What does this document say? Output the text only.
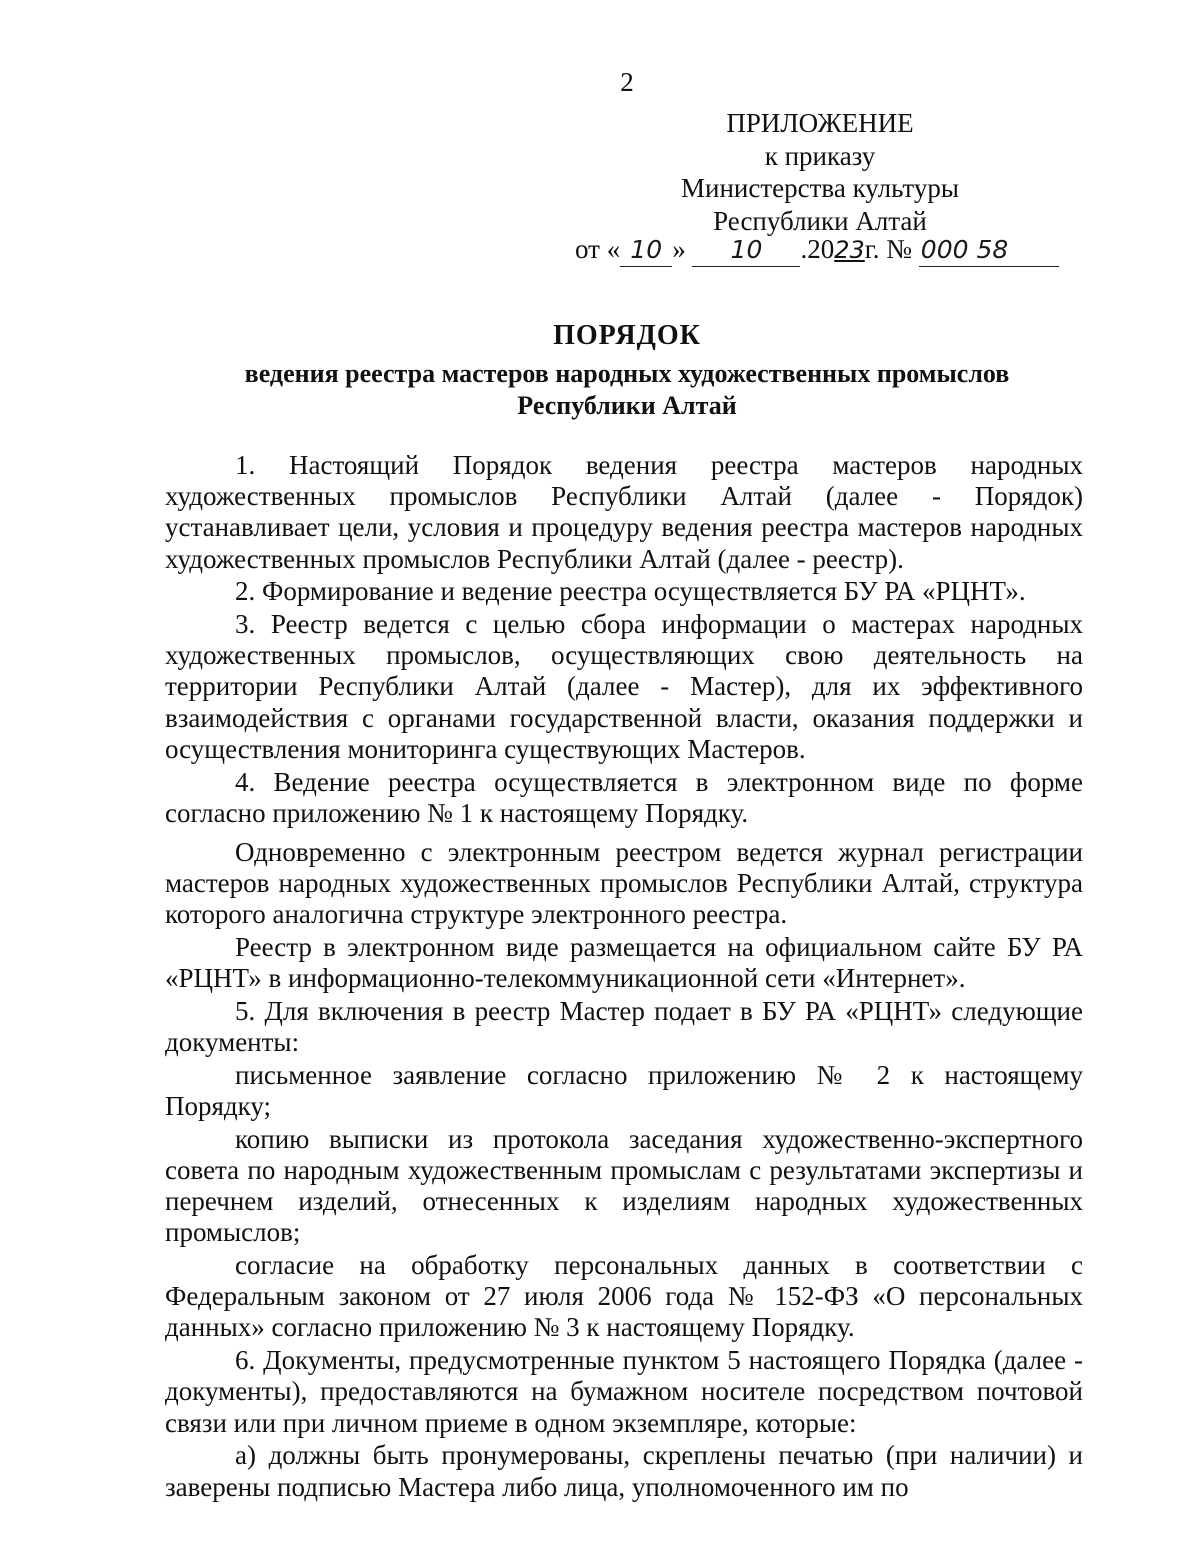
2
ПРИЛОЖЕНИЕ
к приказу
Министерства культуры
Республики Алтай
от « 10 » 10 .2023г. № 000 58
ПОРЯДОК
ведения реестра мастеров народных художественных промыслов
Республики Алтай

1. Настоящий Порядок ведения реестра мастеров народных художественных промыслов Республики Алтай (далее - Порядок) устанавливает цели, условия и процедуру ведения реестра мастеров народных художественных промыслов Республики Алтай (далее - реестр).

2. Формирование и ведение реестра осуществляется БУ РА «РЦНТ».

3. Реестр ведется с целью сбора информации о мастерах народных художественных промыслов, осуществляющих свою деятельность на территории Республики Алтай (далее - Мастер), для их эффективного взаимодействия с органами государственной власти, оказания поддержки и осуществления мониторинга существующих Мастеров.

4. Ведение реестра осуществляется в электронном виде по форме согласно приложению № 1 к настоящему Порядку.

Одновременно с электронным реестром ведется журнал регистрации мастеров народных художественных промыслов Республики Алтай, структура которого аналогична структуре электронного реестра.

Реестр в электронном виде размещается на официальном сайте БУ РА «РЦНТ» в информационно-телекоммуникационной сети «Интернет».

5. Для включения в реестр Мастер подает в БУ РА «РЦНТ» следующие документы:

письменное заявление согласно приложению № 2 к настоящему Порядку;

копию выписки из протокола заседания художественно-экспертного совета по народным художественным промыслам с результатами экспертизы и перечнем изделий, отнесенных к изделиям народных художественных промыслов;

согласие на обработку персональных данных в соответствии с Федеральным законом от 27 июля 2006 года № 152-ФЗ «О персональных данных» согласно приложению № 3 к настоящему Порядку.

6. Документы, предусмотренные пунктом 5 настоящего Порядка (далее - документы), предоставляются на бумажном носителе посредством почтовой связи или при личном приеме в одном экземпляре, которые:

а) должны быть пронумерованы, скреплены печатью (при наличии) и заверены подписью Мастера либо лица, уполномоченного им по
